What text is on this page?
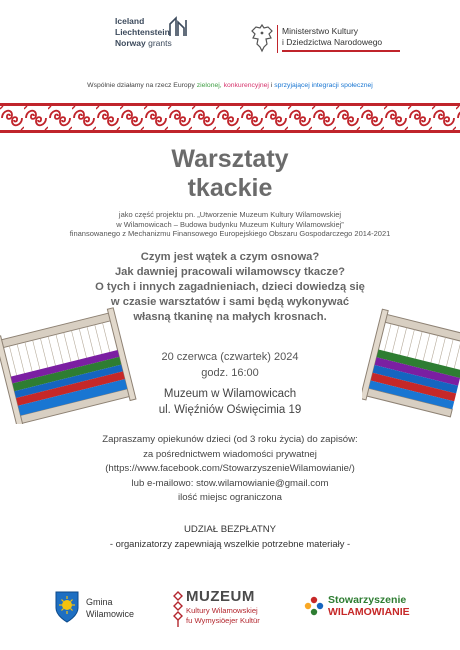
Iceland
Liechtenstein
Norway grants
Ministerstwo Kultury
i Dziedzictwa Narodowego
Wspólnie działamy na rzecz Europy zielonej, konkurencyjnej i sprzyjającej integracji społecznej
Warsztaty
tkackie
jako część projektu pn. „Utworzenie Muzeum Kultury Wilamowskiej
w Wilamowicach – Budowa budynku Muzeum Kultury Wilamowskiej”
finansowanego z Mechanizmu Finansowego Europejskiego Obszaru Gospodarczego 2014-2021
Czym jest wątek a czym osnowa?
Jak dawniej pracowali wilamowscy tkacze?
O tych i innych zagadnieniach, dzieci dowiedzą się
w czasie warsztatów i sami będą wykonywać
własną tkaninę na małych krosnach.
20 czerwca (czwartek) 2024
godz. 16:00
Muzeum w Wilamowicach
ul. Więźniów Oświęcimia 19
Zapraszamy opiekunów dzieci (od 3 roku życia) do zapisów:
za pośrednictwem wiadomości prywatnej
(https://www.facebook.com/StowarzyszenieWilamowianie/)
lub e-mailowo: stow.wilamowianie@gmail.com
ilość miejsc ograniczona
UDZIAŁ BEZPŁATNY
- organizatorzy zapewniają wszelkie potrzebne materiały -
Gmina
Wilamowice
MUZEUM
Kultury Wilamowskiej
fu Wymysiöejer Kultür
Stowarzyszenie
WILAMOWIANIE
